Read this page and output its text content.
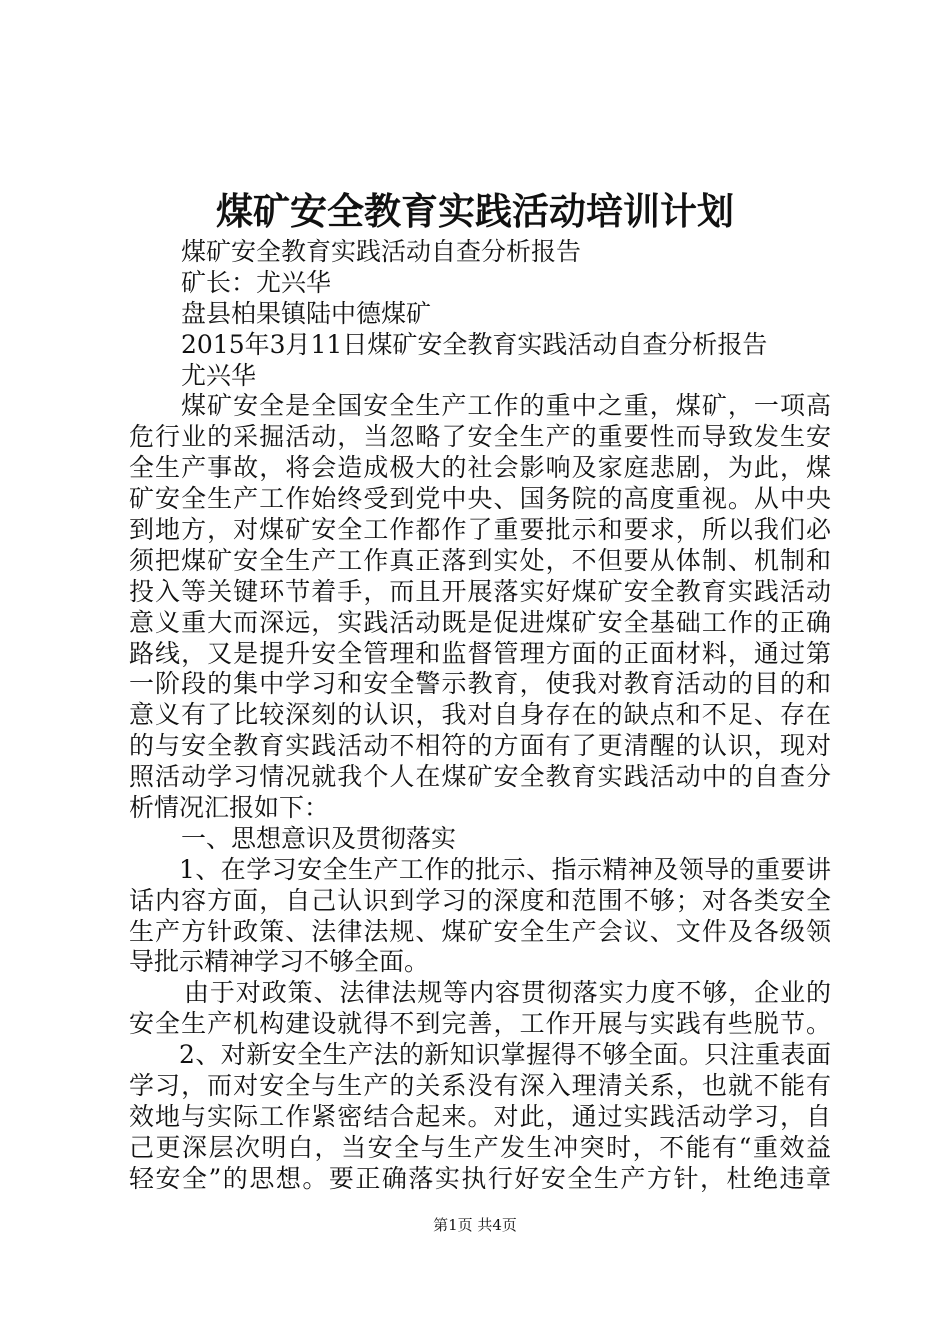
煤矿安全教育实践活动培训计划
煤矿安全教育实践活动自查分析报告
矿长：尤兴华
盘县柏果镇陆中德煤矿
2015年3月11日煤矿安全教育实践活动自查分析报告
尤兴华
煤矿安全是全国安全生产工作的重中之重，煤矿，一项高
危行业的采掘活动，当忽略了安全生产的重要性而导致发生安
全生产事故，将会造成极大的社会影响及家庭悲剧，为此，煤
矿安全生产工作始终受到党中央、国务院的高度重视。从中央
到地方，对煤矿安全工作都作了重要批示和要求，所以我们必
须把煤矿安全生产工作真正落到实处，不但要从体制、机制和
投入等关键环节着手，而且开展落实好煤矿安全教育实践活动
意义重大而深远，实践活动既是促进煤矿安全基础工作的正确
路线，又是提升安全管理和监督管理方面的正面材料，通过第
一阶段的集中学习和安全警示教育，使我对教育活动的目的和
意义有了比较深刻的认识，我对自身存在的缺点和不足、存在
的与安全教育实践活动不相符的方面有了更清醒的认识，现对
照活动学习情况就我个人在煤矿安全教育实践活动中的自查分
析情况汇报如下：
一、思想意识及贯彻落实
1、在学习安全生产工作的批示、指示精神及领导的重要讲
话内容方面，自己认识到学习的深度和范围不够；对各类安全
生产方针政策、法律法规、煤矿安全生产会议、文件及各级领
导批示精神学习不够全面。
由于对政策、法律法规等内容贯彻落实力度不够，企业的
安全生产机构建设就得不到完善，工作开展与实践有些脱节。
2、对新安全生产法的新知识掌握得不够全面。只注重表面
学习，而对安全与生产的关系没有深入理清关系，也就不能有
效地与实际工作紧密结合起来。对此，通过实践活动学习，自
己更深层次明白，当安全与生产发生冲突时，不能有“重效益
轻安全”的思想。要正确落实执行好安全生产方针，杜绝违章
第1页 共4页
